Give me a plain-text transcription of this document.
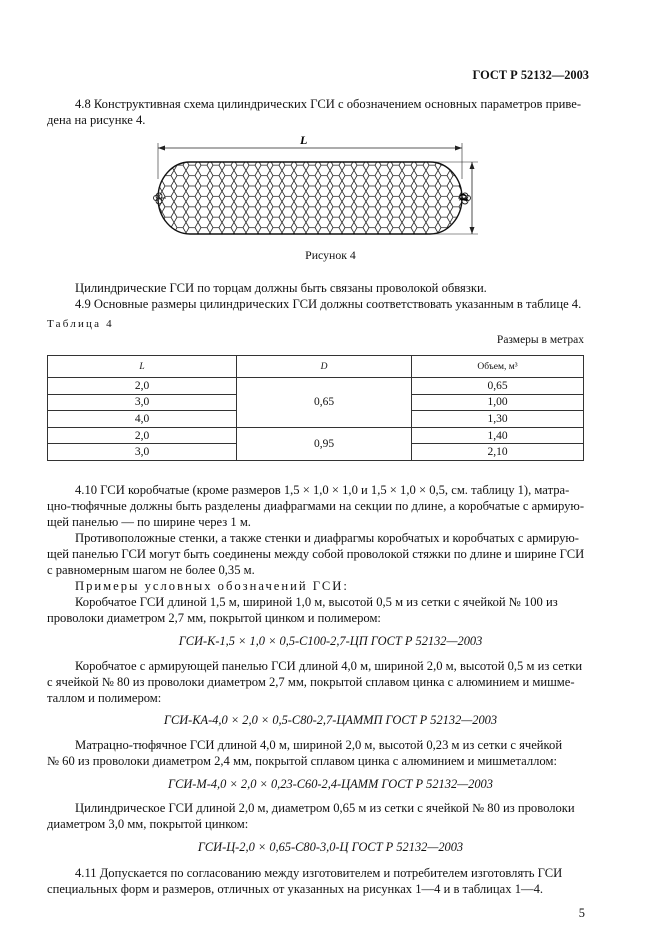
ГОСТ Р 52132—2003

4.8 Конструктивная схема цилиндрических ГСИ с обозначением основных параметров приве-

дена на рисунке 4.

L
D
Рисунок 4

Цилиндрические ГСИ по торцам должны быть связаны проволокой обвязки.

4.9 Основные размеры цилиндрических ГСИ должны соответствовать указанным в таблице 4.

Таблица 4
Размеры в метрах
L	D	Объем, м³
2,0	0,65	0,65
3,0		1,00
4,0		1,30
2,0	0,95	1,40
3,0		2,10

4.10 ГСИ коробчатые (кроме размеров 1,5 × 1,0 × 1,0 и 1,5 × 1,0 × 0,5, см. таблицу 1), матра-

цно-тюфячные должны быть разделены диафрагмами на секции по длине, а коробчатые с армирую-

щей панелью — по ширине через 1 м.

Противоположные стенки, а также стенки и диафрагмы коробчатых и коробчатых с армирую-

щей панелью ГСИ могут быть соединены между собой проволокой стяжки по длине и ширине ГСИ

с равномерным шагом не более 0,35 м.

Примеры условных обозначений ГСИ:

Коробчатое ГСИ длиной 1,5 м, шириной 1,0 м, высотой 0,5 м из сетки с ячейкой № 100 из

проволоки диаметром 2,7 мм, покрытой цинком и полимером:

ГСИ-К-1,5 × 1,0 × 0,5-С100-2,7-ЦП ГОСТ Р 52132—2003

Коробчатое с армирующей панелью ГСИ длиной 4,0 м, шириной 2,0 м, высотой 0,5 м из сетки

с ячейкой № 80 из проволоки диаметром 2,7 мм, покрытой сплавом цинка с алюминием и мишме-

таллом и полимером:

ГСИ-КА-4,0 × 2,0 × 0,5-С80-2,7-ЦАММП ГОСТ Р 52132—2003

Матрацно-тюфячное ГСИ длиной 4,0 м, шириной 2,0 м, высотой 0,23 м из сетки с ячейкой

№ 60 из проволоки диаметром 2,4 мм, покрытой сплавом цинка с алюминием и мишметаллом:

ГСИ-М-4,0 × 2,0 × 0,23-С60-2,4-ЦАММ ГОСТ Р 52132—2003

Цилиндрическое ГСИ длиной 2,0 м, диаметром 0,65 м из сетки с ячейкой № 80 из проволоки

диаметром 3,0 мм, покрытой цинком:

ГСИ-Ц-2,0 × 0,65-С80-3,0-Ц ГОСТ Р 52132—2003

4.11 Допускается по согласованию между изготовителем и потребителем изготовлять ГСИ

специальных форм и размеров, отличных от указанных на рисунках 1—4 и в таблицах 1—4.

5
